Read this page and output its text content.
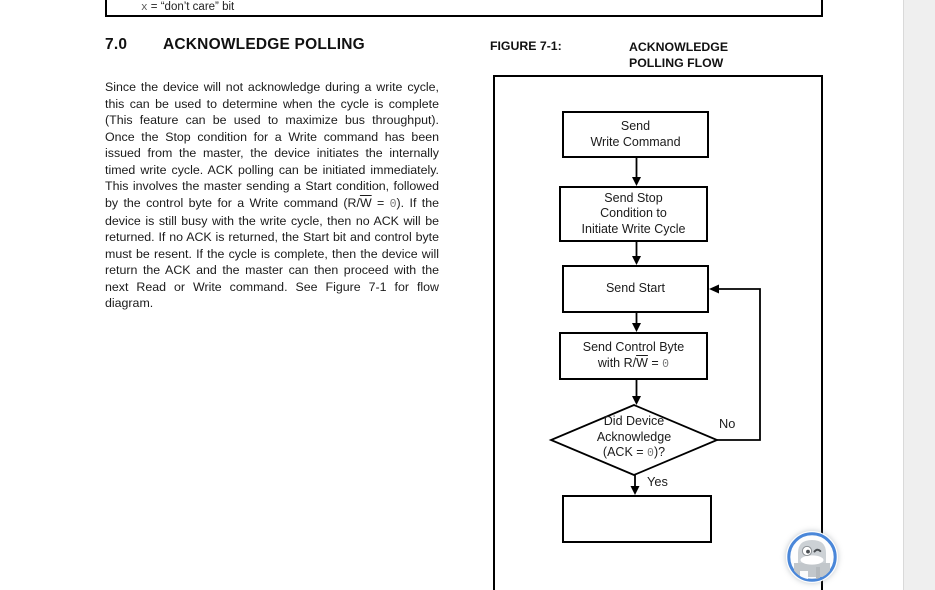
x = “don’t care” bit
7.0 ACKNOWLEDGE POLLING

Since the device will not acknowledge during a write cycle, this can be used to determine when the cycle is complete (This feature can be used to maximize bus throughput). Once the Stop condition for a Write command has been issued from the master, the device initiates the internally timed write cycle. ACK polling can be initiated immediately. This involves the master sending a Start condition, followed by the control byte for a Write command $(R/\overline{W} = 0)$. If the device is still busy with the write cycle, then no ACK will be returned. If no ACK is returned, the Start bit and control byte must be resent. If the cycle is complete, then the device will return the ACK and the master can then proceed with the next Read or Write command. See Figure 7-1 for flow diagram.

FIGURE 7-1:	ACKNOWLEDGE
POLLING FLOW
Send
Write Command
Send Stop
Condition to
Initiate Write Cycle
Send Start
Send Control Byte
with $R/\overline{W} = 0$
Did Device
Acknowledge
(ACK = 0)?
Yes
No
